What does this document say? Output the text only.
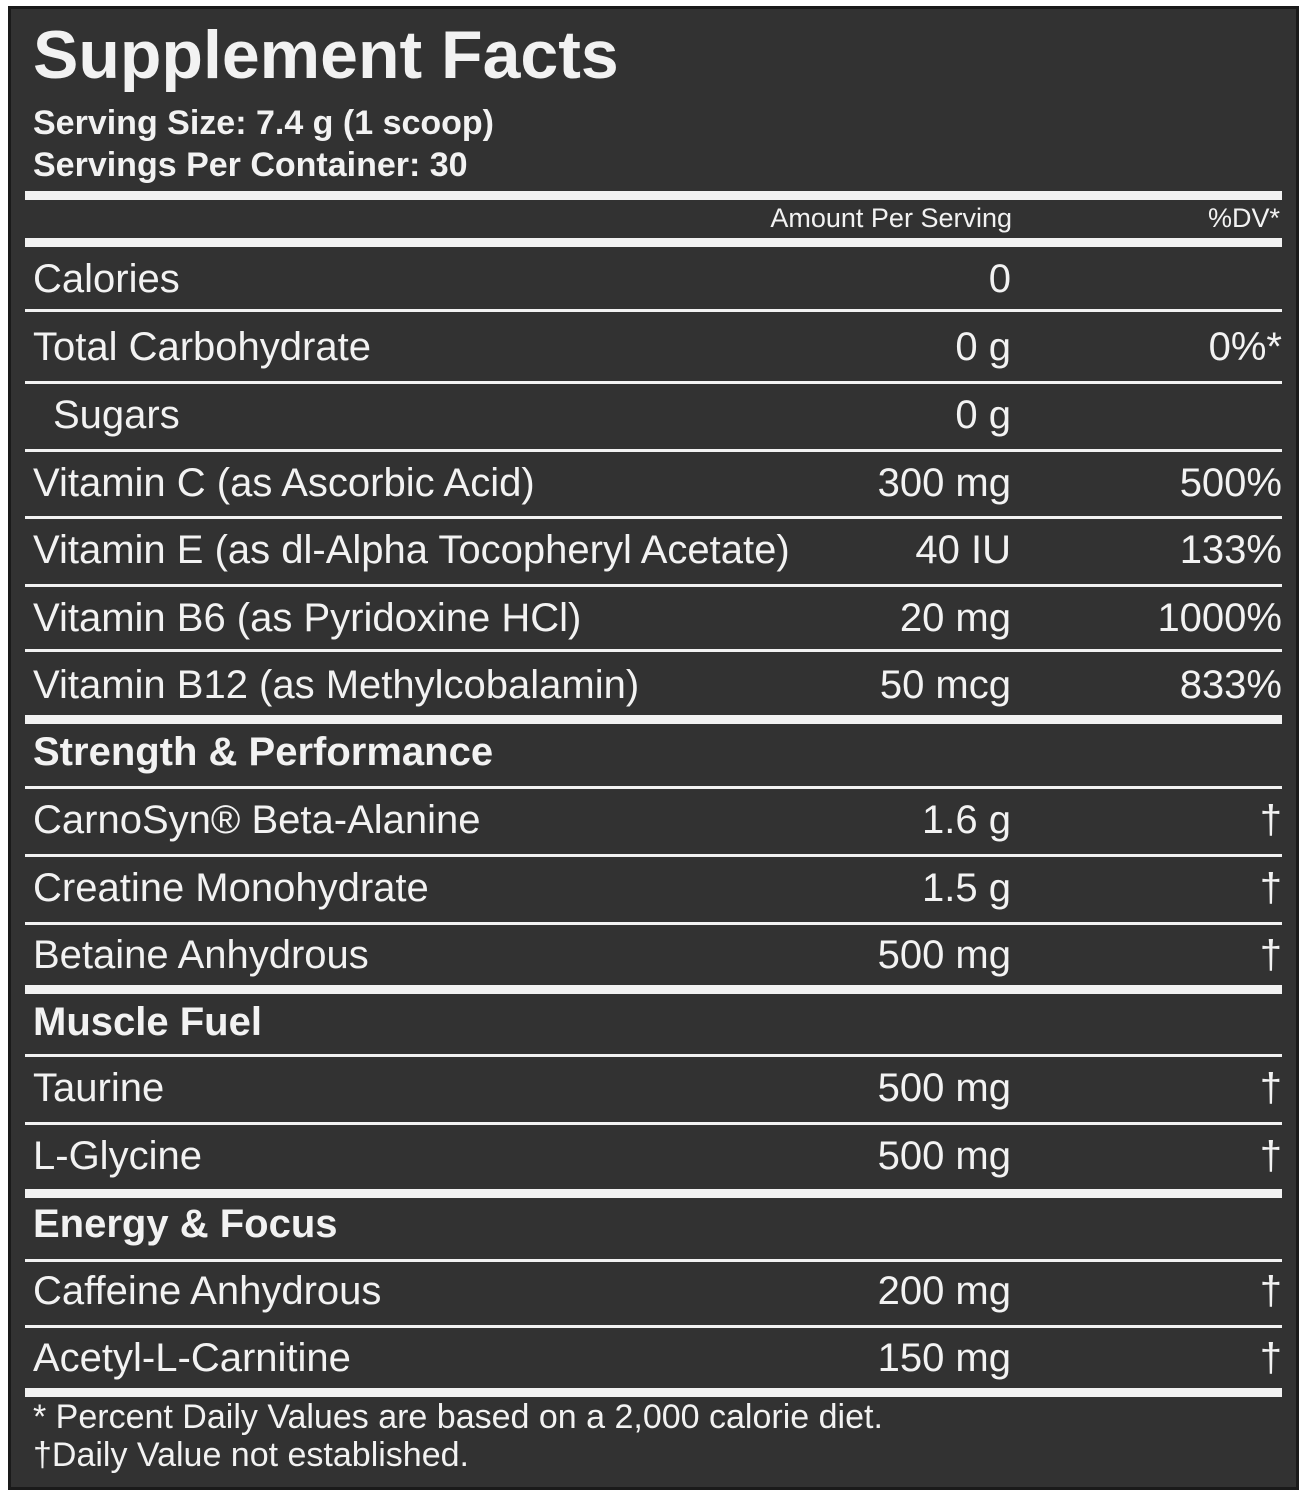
Supplement Facts
Serving Size: 7.4 g (1 scoop)
Servings Per Container: 30
Amount Per Serving	%DV*
Calories	0
Total Carbohydrate	0 g	0%*
Sugars	0 g
Vitamin C (as Ascorbic Acid)	300 mg	500%
Vitamin E (as dl-Alpha Tocopheryl Acetate)	40 IU	133%
Vitamin B6 (as Pyridoxine HCl)	20 mg	1000%
Vitamin B12 (as Methylcobalamin)	50 mcg	833%
Strength & Performance
CarnoSyn® Beta-Alanine	1.6 g	†
Creatine Monohydrate	1.5 g	†
Betaine Anhydrous	500 mg	†
Muscle Fuel
Taurine	500 mg	†
L-Glycine	500 mg	†
Energy & Focus
Caffeine Anhydrous	200 mg	†
Acetyl-L-Carnitine	150 mg	†
* Percent Daily Values are based on a 2,000 calorie diet.
†Daily Value not established.
